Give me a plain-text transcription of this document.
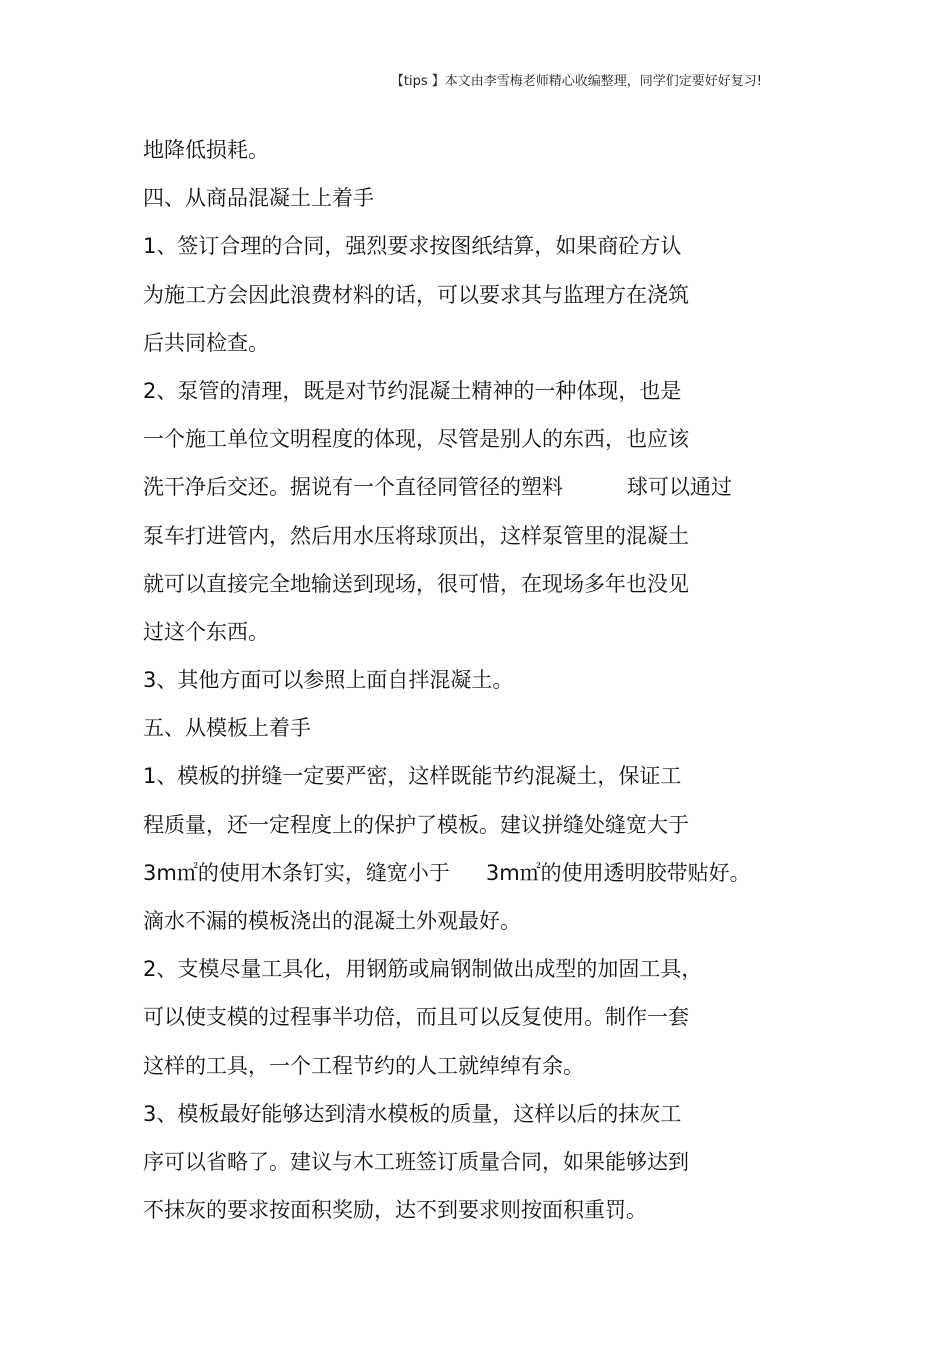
【tips 】本文由李雪梅老师精心收编整理，同学们定要好好复习!
地降低损耗。
四、从商品混凝土上着手
1、签订合理的合同，强烈要求按图纸结算，如果商砼方认
为施工方会因此浪费材料的话，可以要求其与监理方在浇筑
后共同检查。
2、泵管的清理，既是对节约混凝土精神的一种体现，也是
一个施工单位文明程度的体现，尽管是别人的东西，也应该
洗干净后交还。据说有一个直径同管径的塑料	球可以通过
泵车打进管内，然后用水压将球顶出，这样泵管里的混凝土
就可以直接完全地输送到现场，很可惜，在现场多年也没见
过这个东西。
3、其他方面可以参照上面自拌混凝土。
五、从模板上着手
1、模板的拼缝一定要严密，这样既能节约混凝土，保证工
程质量，还一定程度上的保护了模板。建议拼缝处缝宽大于
3m㎡的使用木条钉实，缝宽小于 3m㎡的使用透明胶带贴好。
滴水不漏的模板浇出的混凝土外观最好。
2、支模尽量工具化，用钢筋或扁钢制做出成型的加固工具，
可以使支模的过程事半功倍，而且可以反复使用。制作一套
这样的工具，一个工程节约的人工就绰绰有余。
3、模板最好能够达到清水模板的质量，这样以后的抹灰工
序可以省略了。建议与木工班签订质量合同，如果能够达到
不抹灰的要求按面积奖励，达不到要求则按面积重罚。
